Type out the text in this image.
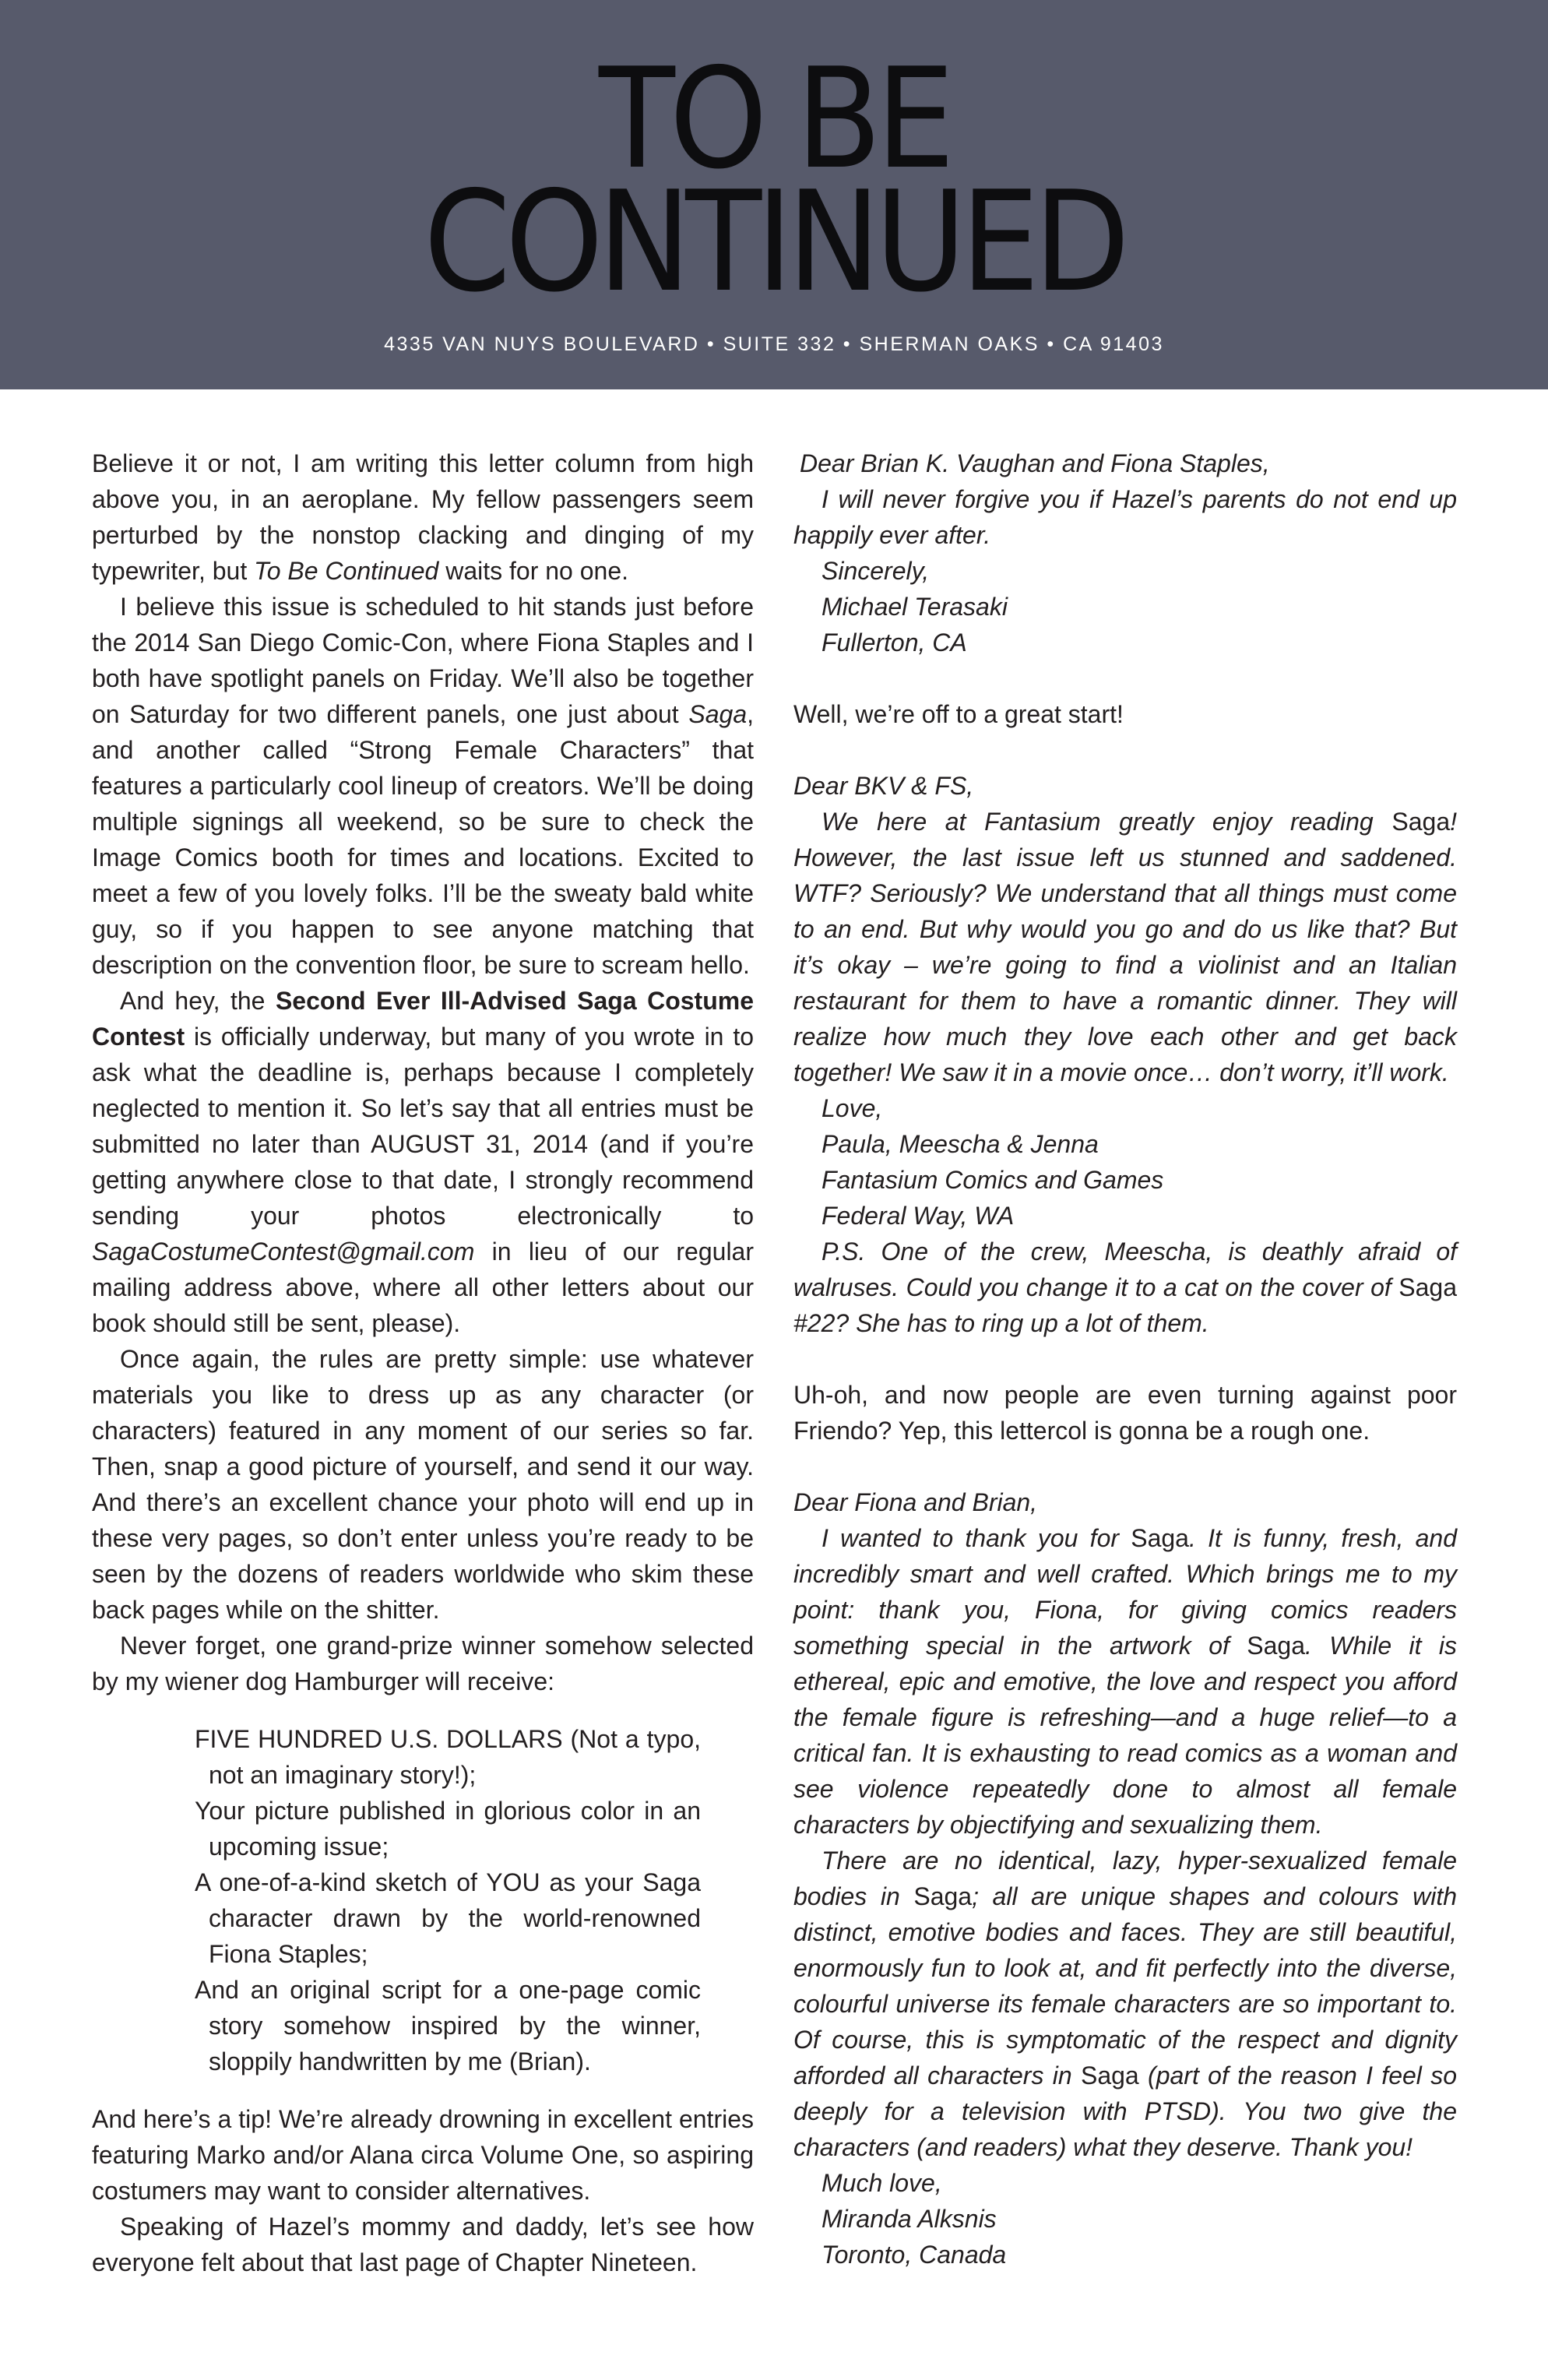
TO BE
CONTINUED
4335 VAN NUYS BOULEVARD • SUITE 332 • SHERMAN OAKS • CA 91403

Believe it or not, I am writing this letter column from high above you, in an aeroplane. My fellow passengers seem perturbed by the nonstop clacking and dinging of my typewriter, but To Be Continued waits for no one.

I believe this issue is scheduled to hit stands just before the 2014 San Diego Comic-Con, where Fiona Staples and I both have spotlight panels on Friday. We’ll also be together on Saturday for two different panels, one just about Saga, and another called “Strong Female Characters” that features a particularly cool lineup of creators. We’ll be doing multiple signings all weekend, so be sure to check the Image Comics booth for times and locations. Excited to meet a few of you lovely folks. I’ll be the sweaty bald white guy, so if you happen to see anyone matching that description on the convention floor, be sure to scream hello.

And hey, the Second Ever Ill-Advised Saga Costume Contest is officially underway, but many of you wrote in to ask what the deadline is, perhaps because I completely neglected to mention it. So let’s say that all entries must be submitted no later than AUGUST 31, 2014 (and if you’re getting anywhere close to that date, I strongly recommend sending your photos electronically to SagaCostumeContest@gmail.com in lieu of our regular mailing address above, where all other letters about our book should still be sent, please).

Once again, the rules are pretty simple: use whatever materials you like to dress up as any character (or characters) featured in any moment of our series so far. Then, snap a good picture of yourself, and send it our way. And there’s an excellent chance your photo will end up in these very pages, so don’t enter unless you’re ready to be seen by the dozens of readers worldwide who skim these back pages while on the shitter.

Never forget, one grand-prize winner somehow selected by my wiener dog Hamburger will receive:

FIVE HUNDRED U.S. DOLLARS (Not a typo, not an imaginary story!);

Your picture published in glorious color in an upcoming issue;

A one-of-a-kind sketch of YOU as your Saga character drawn by the world-renowned Fiona Staples;

And an original script for a one-page comic story somehow inspired by the winner, sloppily handwritten by me (Brian).

And here’s a tip! We’re already drowning in excellent entries featuring Marko and/or Alana circa Volume One, so aspiring costumers may want to consider alternatives.

Speaking of Hazel’s mommy and daddy, let’s see how everyone felt about that last page of Chapter Nineteen.

Dear Brian K. Vaughan and Fiona Staples,

I will never forgive you if Hazel’s parents do not end up happily ever after.

Sincerely,

Michael Terasaki

Fullerton, CA

Well, we’re off to a great start!

Dear BKV & FS,

We here at Fantasium greatly enjoy reading Saga! However, the last issue left us stunned and saddened. WTF? Seriously? We understand that all things must come to an end. But why would you go and do us like that? But it’s okay – we’re going to find a violinist and an Italian restaurant for them to have a romantic dinner. They will realize how much they love each other and get back together! We saw it in a movie once… don’t worry, it’ll work.

Love,

Paula, Meescha & Jenna

Fantasium Comics and Games

Federal Way, WA

P.S. One of the crew, Meescha, is deathly afraid of walruses. Could you change it to a cat on the cover of Saga #22? She has to ring up a lot of them.

Uh-oh, and now people are even turning against poor Friendo? Yep, this lettercol is gonna be a rough one.

Dear Fiona and Brian,

I wanted to thank you for Saga. It is funny, fresh, and incredibly smart and well crafted. Which brings me to my point: thank you, Fiona, for giving comics readers something special in the artwork of Saga. While it is ethereal, epic and emotive, the love and respect you afford the female figure is refreshing—and a huge relief—to a critical fan. It is exhausting to read comics as a woman and see violence repeatedly done to almost all female characters by objectifying and sexualizing them.

There are no identical, lazy, hyper-sexualized female bodies in Saga; all are unique shapes and colours with distinct, emotive bodies and faces. They are still beautiful, enormously fun to look at, and fit perfectly into the diverse, colourful universe its female characters are so important to. Of course, this is symptomatic of the respect and dignity afforded all characters in Saga (part of the reason I feel so deeply for a television with PTSD). You two give the characters (and readers) what they deserve. Thank you!

Much love,

Miranda Alksnis

Toronto, Canada
